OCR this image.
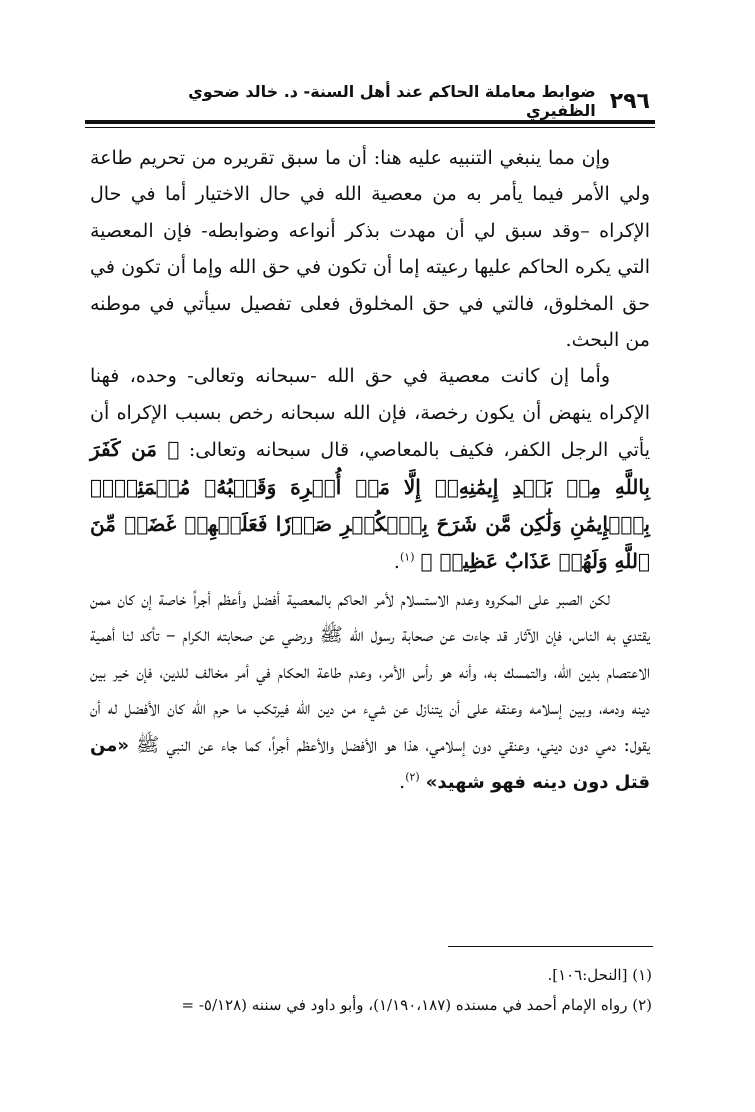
٢٩٦
ضوابط معاملة الحاكم عند أهل السنة- د. خالد ضحوي الظفيري

وإن مما ينبغي التنبيه عليه هنا: أن ما سبق تقريره من تحريم طاعة ولي الأمر فيما يأمر به من معصية الله في حال الاختيار أما في حال الإكراه –وقد سبق لي أن مهدت بذكر أنواعه وضوابطه- فإن المعصية التي يكره الحاكم عليها رعيته إما أن تكون في حق الله وإما أن تكون في حق المخلوق، فالتي في حق المخلوق فعلى تفصيل سيأتي في موطنه من البحث.

وأما إن كانت معصية في حق الله -سبحانه وتعالى- وحده، فهنا الإكراه ينهض أن يكون رخصة، فإن الله سبحانه رخص بسبب الإكراه أن يأتي الرجل الكفر، فكيف بالمعاصي، قال سبحانه وتعالى: ﴿ مَن كَفَرَ بِاللَّهِ مِنۢ بَعۡدِ إِيمَٰنِهِۦٓ إِلَّا مَنۡ أُكۡرِهَ وَقَلۡبُهُۥ مُطۡمَئِنُّۢ بِٱلۡإِيمَٰنِ وَلَٰكِن مَّن شَرَحَ بِٱلۡكُفۡرِ صَدۡرٗا فَعَلَيۡهِمۡ غَضَبٞ مِّنَ ٱللَّهِ وَلَهُمۡ عَذَابٌ عَظِيمٞ ﴾ $^{(١)}$.

لكن الصبر على المكروه وعدم الاستسلام لأمر الحاكم بالمعصية أفضل وأعظم أجراً خاصة إن كان ممن يقتدي به الناس، فإن الآثار قد جاءت عن صحابة رسول الله ﷺ ورضي عن صحابته الكرام – تأكد لنا أهمية الاعتصام بدين الله، والتمسك به، وأنه هو رأس الأمر، وعدم طاعة الحكام في أمر مخالف للدين، فإن خير بين دينه ودمه، وبين إسلامه وعنقه على أن يتنازل عن شيء من دين الله فيرتكب ما حرم الله كان الأفضل له أن يقول: دمي دون ديني، وعنقي دون إسلامي، هذا هو الأفضل والأعظم أجراً، كما جاء عن النبي ﷺ «من قتل دون دينه فهو شهيد» $^{(٢)}$.

(١) [النحل:١٠٦].
(٢) رواه الإمام أحمد في مسنده (١/١٩٠،١٨٧)، وأبو داود في سننه (٥/١٢٨- =
